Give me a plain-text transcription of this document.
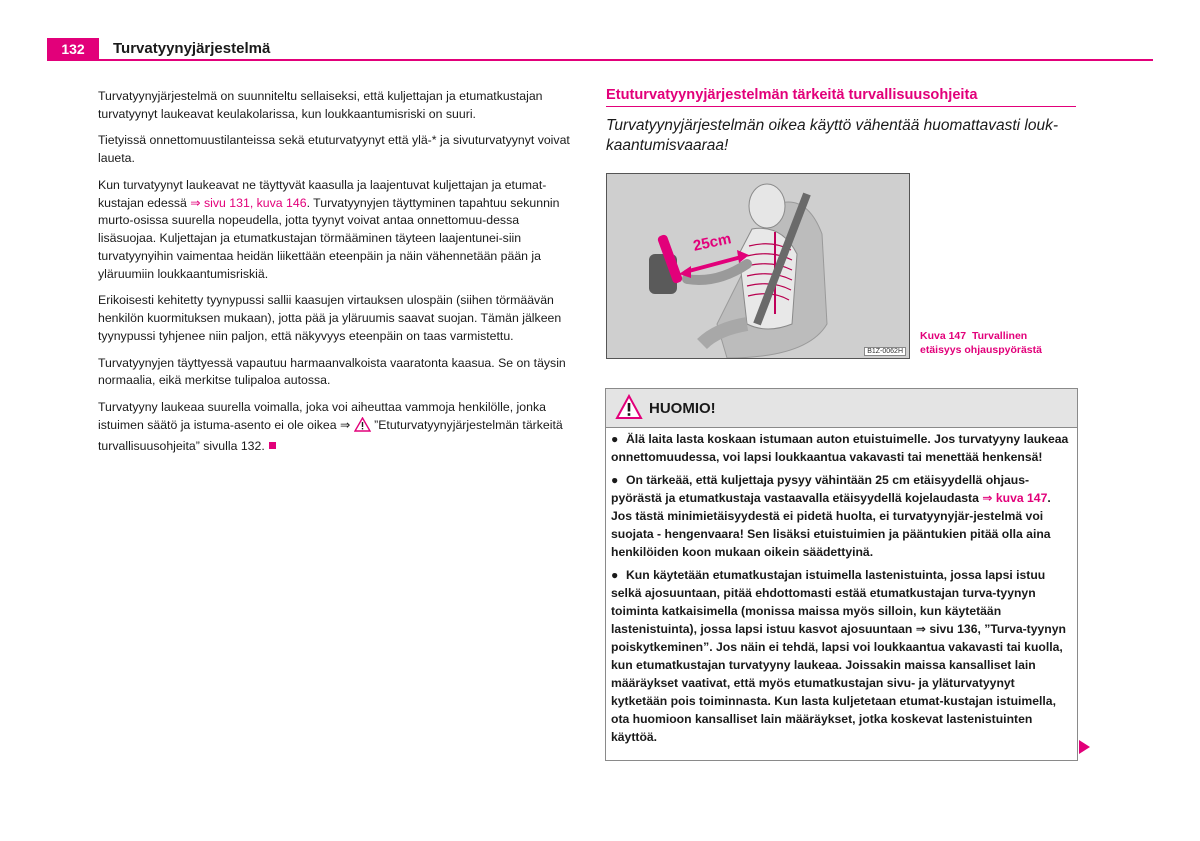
132	Turvatyynyjärjestelmä

Turvatyynyjärjestelmä on suunniteltu sellaiseksi, että kuljettajan ja etumatkustajan turvatyynyt laukeavat keulakolarissa, kun loukkaantumisriski on suuri.

Tietyissä onnettomuustilanteissa sekä etuturvatyynyt että ylä-* ja sivuturvatyynyt voivat laueta.

Kun turvatyynyt laukeavat ne täyttyvät kaasulla ja laajentuvat kuljettajan ja etumat-kustajan edessä ⇒ sivu 131, kuva 146. Turvatyynyjen täyttyminen tapahtuu sekunnin murto-osissa suurella nopeudella, jotta tyynyt voivat antaa onnettomuu-dessa lisäsuojaa. Kuljettajan ja etumatkustajan törmääminen täyteen laajentunei-siin turvatyynyihin vaimentaa heidän liikettään eteenpäin ja näin vähennetään pään ja yläruumiin loukkaantumisriskiä.

Erikoisesti kehitetty tyynypussi sallii kaasujen virtauksen ulospäin (siihen törmäävän henkilön kuormituksen mukaan), jotta pää ja yläruumis saavat suojan. Tämän jälkeen tyynypussi tyhjenee niin paljon, että näkyvyys eteenpäin on taas varmistettu.

Turvatyynyjen täyttyessä vapautuu harmaanvalkoista vaaratonta kaasua. Se on täysin normaalia, eikä merkitse tulipaloa autossa.

Turvatyyny laukeaa suurella voimalla, joka voi aiheuttaa vammoja henkilölle, jonka istuimen säätö ja istuma-asento ei ole oikea ⇒  ”Etuturvatyynyjärjestelmän tärkeitä turvallisuusohjeita” sivulla 132.

Etuturvatyynyjärjestelmän tärkeitä turvallisuusohjeita
Turvatyynyjärjestelmän oikea käyttö vähentää huomattavasti louk-kaantumisvaaraa!
25cm
B1Z-0062H
Kuva 147 Turvallinen etäisyys ohjauspyörästä
HUOMIO!

● Älä laita lasta koskaan istumaan auton etuistuimelle. Jos turvatyyny laukeaa onnettomuudessa, voi lapsi loukkaantua vakavasti tai menettää henkensä!

● On tärkeää, että kuljettaja pysyy vähintään 25 cm etäisyydellä ohjaus-pyörästä ja etumatkustaja vastaavalla etäisyydellä kojelaudasta ⇒ kuva 147. Jos tästä minimietäisyydestä ei pidetä huolta, ei turvatyynyjär-jestelmä voi suojata - hengenvaara! Sen lisäksi etuistuimien ja pääntukien pitää olla aina henkilöiden koon mukaan oikein säädettyinä.

● Kun käytetään etumatkustajan istuimella lastenistuinta, jossa lapsi istuu selkä ajosuuntaan, pitää ehdottomasti estää etumatkustajan turva-tyynyn toiminta katkaisimella (monissa maissa myös silloin, kun käytetään lastenistuinta), jossa lapsi istuu kasvot ajosuuntaan ⇒ sivu 136, ”Turva-tyynyn poiskytkeminen”. Jos näin ei tehdä, lapsi voi loukkaantua vakavasti tai kuolla, kun etumatkustajan turvatyyny laukeaa. Joissakin maissa kansalliset lain määräykset vaativat, että myös etumatkustajan sivu- ja yläturvatyynyt kytketään pois toiminnasta. Kun lasta kuljetetaan etumat-kustajan istuimella, ota huomioon kansalliset lain määräykset, jotka koskevat lastenistuinten käyttöä.
